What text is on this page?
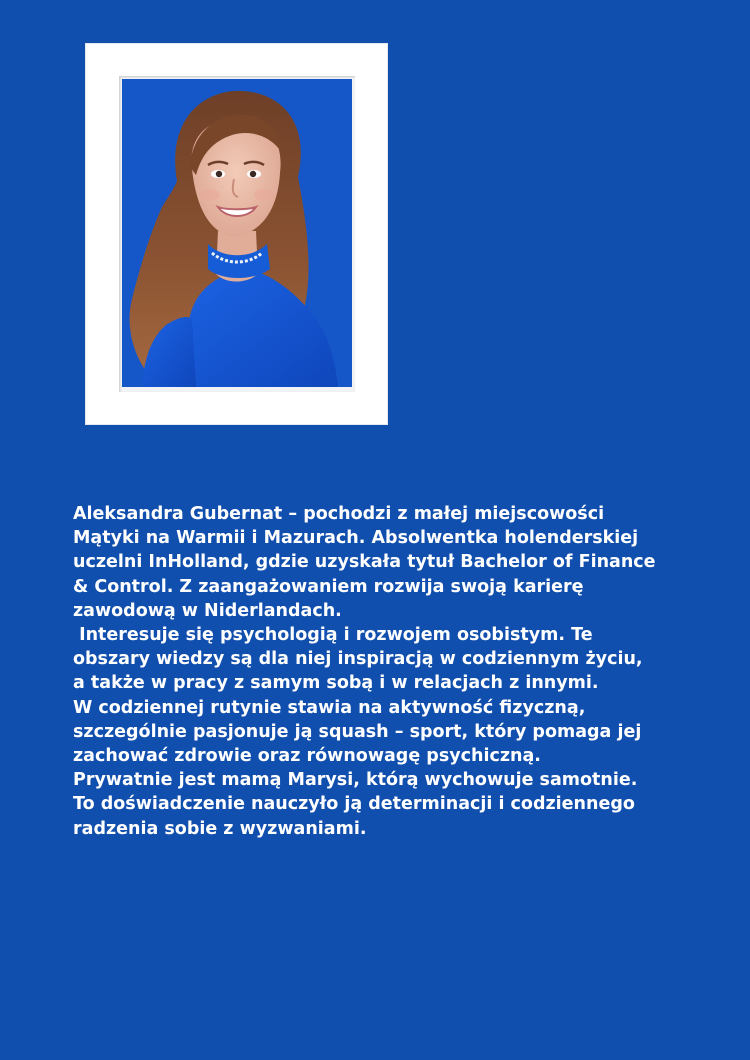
Aleksandra Gubernat – pochodzi z małej miejscowości

Mątyki na Warmii i Mazurach. Absolwentka holenderskiej

uczelni InHolland, gdzie uzyskała tytuł Bachelor of Finance

& Control. Z zaangażowaniem rozwija swoją karierę

zawodową w Niderlandach.

Interesuje się psychologią i rozwojem osobistym. Te

obszary wiedzy są dla niej inspiracją w codziennym życiu,

a także w pracy z samym sobą i w relacjach z innymi.

W codziennej rutynie stawia na aktywność fizyczną,

szczególnie pasjonuje ją squash – sport, który pomaga jej

zachować zdrowie oraz równowagę psychiczną.

Prywatnie jest mamą Marysi, którą wychowuje samotnie.

To doświadczenie nauczyło ją determinacji i codziennego

radzenia sobie z wyzwaniami.
